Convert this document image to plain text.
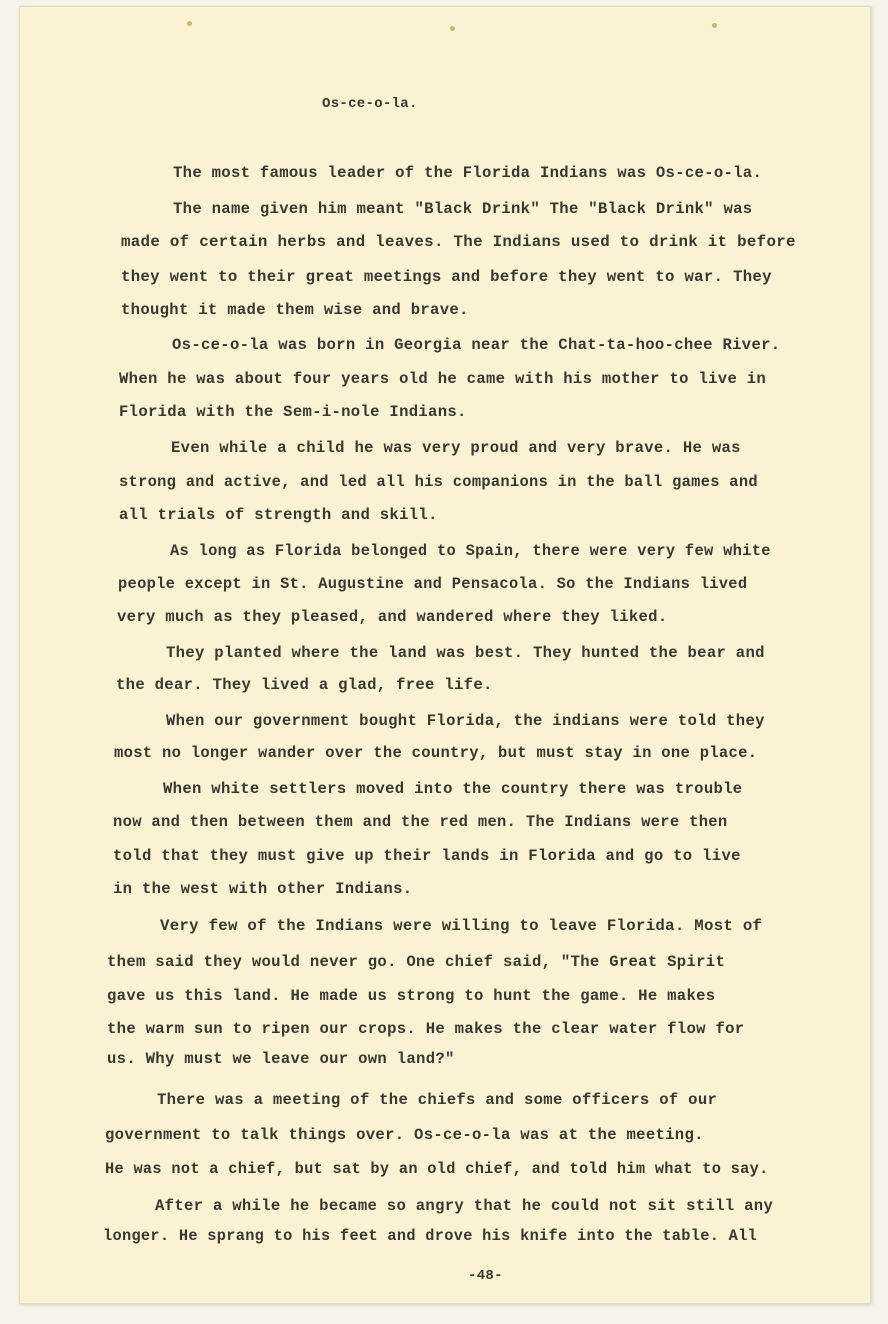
Os-ce-o-la.
The most famous leader of the Florida Indians was Os-ce-o-la.
The name given him meant "Black Drink" The "Black Drink" was
made of certain herbs and leaves. The Indians used to drink it before
they went to their great meetings and before they went to war. They
thought it made them wise and brave.
Os-ce-o-la was born in Georgia near the Chat-ta-hoo-chee River.
When he was about four years old he came with his mother to live in
Florida with the Sem-i-nole Indians.
Even while a child he was very proud and very brave. He was
strong and active, and led all his companions in the ball games and
all trials of strength and skill.
As long as Florida belonged to Spain, there were very few white
people except in St. Augustine and Pensacola. So the Indians lived
very much as they pleased, and wandered where they liked.
They planted where the land was best. They hunted the bear and
the dear. They lived a glad, free life.
When our government bought Florida, the indians were told they
most no longer wander over the country, but must stay in one place.
When white settlers moved into the country there was trouble
now and then between them and the red men. The Indians were then
told that they must give up their lands in Florida and go to live
in the west with other Indians.
Very few of the Indians were willing to leave Florida. Most of
them said they would never go. One chief said, "The Great Spirit
gave us this land. He made us strong to hunt the game. He makes
the warm sun to ripen our crops. He makes the clear water flow for
us. Why must we leave our own land?"
There was a meeting of the chiefs and some officers of our
government to talk things over. Os-ce-o-la was at the meeting.
He was not a chief, but sat by an old chief, and told him what to say.
After a while he became so angry that he could not sit still any
longer. He sprang to his feet and drove his knife into the table. All
-48-
